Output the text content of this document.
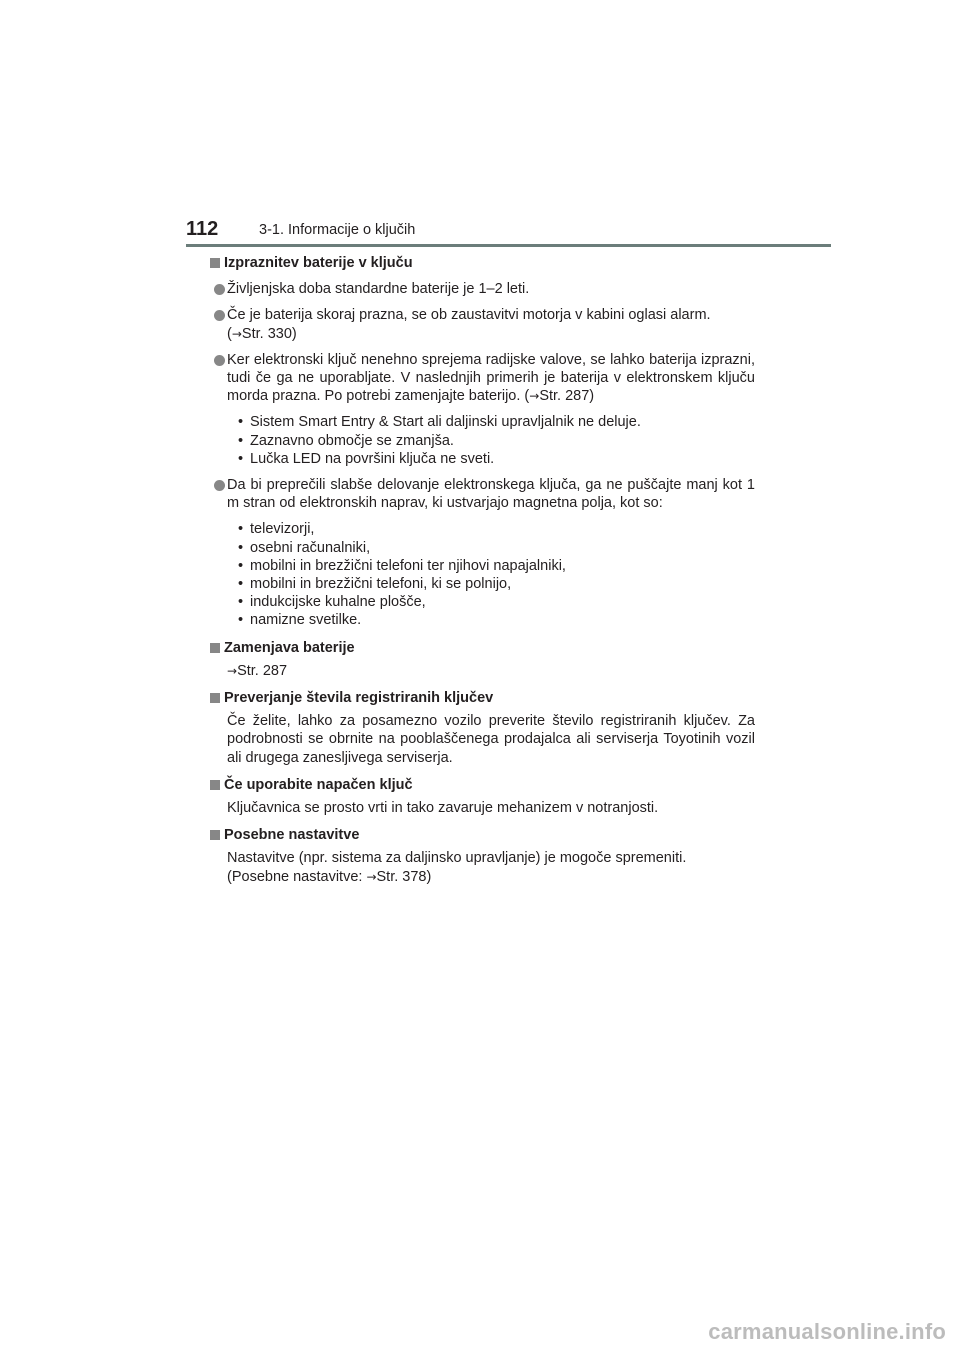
112	3-1. Informacije o ključih
Izpraznitev baterije v ključu
Življenjska doba standardne baterije je 1–2 leti.
Če je baterija skoraj prazna, se ob zaustavitvi motorja v kabini oglasi alarm.
(→Str. 330)
Ker elektronski ključ nenehno sprejema radijske valove, se lahko baterija izprazni, tudi če ga ne uporabljate. V naslednjih primerih je baterija v elektronskem ključu morda prazna. Po potrebi zamenjajte baterijo. (→Str. 287)
• Sistem Smart Entry & Start ali daljinski upravljalnik ne deluje.
• Zaznavno območje se zmanjša.
• Lučka LED na površini ključa ne sveti.
Da bi preprečili slabše delovanje elektronskega ključa, ga ne puščajte manj kot 1 m stran od elektronskih naprav, ki ustvarjajo magnetna polja, kot so:
• televizorji,
• osebni računalniki,
• mobilni in brezžični telefoni ter njihovi napajalniki,
• mobilni in brezžični telefoni, ki se polnijo,
• indukcijske kuhalne plošče,
• namizne svetilke.
Zamenjava baterije
→Str. 287
Preverjanje števila registriranih ključev
Če želite, lahko za posamezno vozilo preverite število registriranih ključev. Za podrobnosti se obrnite na pooblaščenega prodajalca ali serviserja Toyotinih vozil ali drugega zanesljivega serviserja.
Če uporabite napačen ključ
Ključavnica se prosto vrti in tako zavaruje mehanizem v notranjosti.
Posebne nastavitve
Nastavitve (npr. sistema za daljinsko upravljanje) je mogoče spremeniti.
(Posebne nastavitve: →Str. 378)
carmanualsonline.info
